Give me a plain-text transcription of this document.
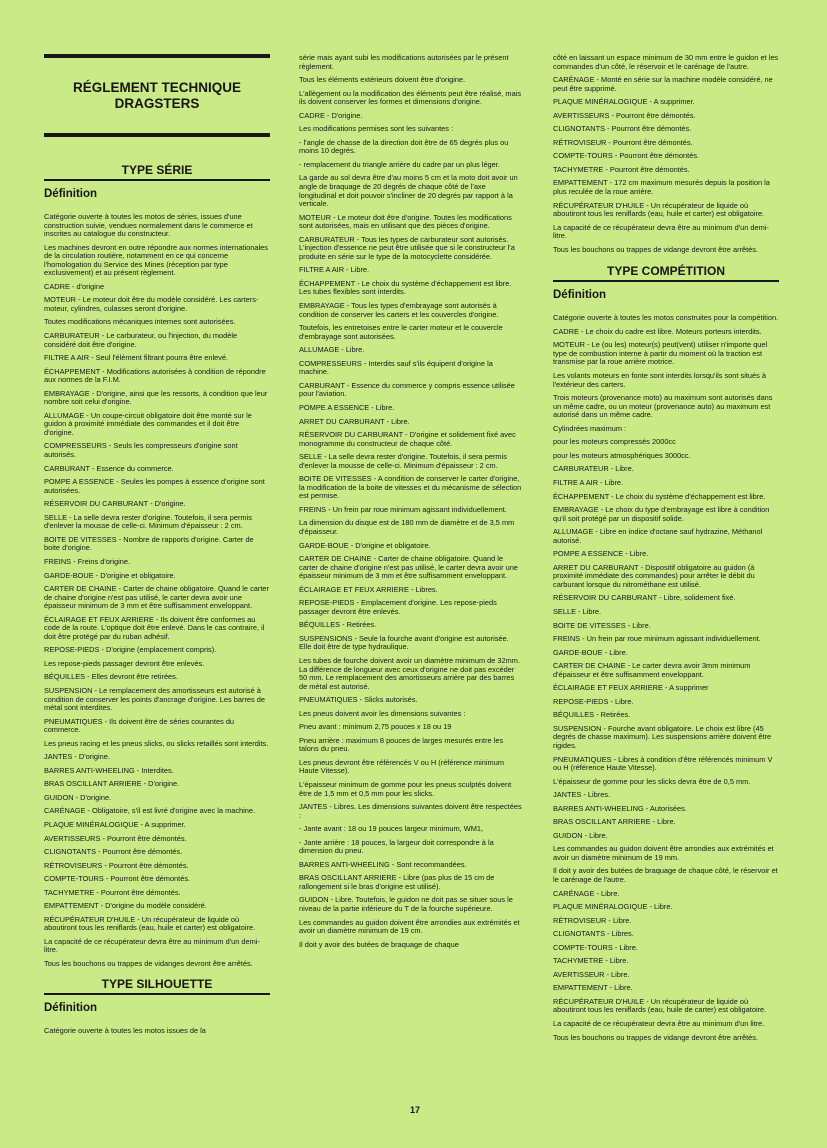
RÉGLEMENT TECHNIQUE
DRAGSTERS
TYPE SÉRIE
Définition
Catégorie ouverte à toutes les motos de séries, issues d'une construction suivie, vendues normalement dans le commerce et inscrites au catalogue du constructeur.
Les machines devront en outre répondre aux normes internationales de la circulation routière, notamment en ce qui concerne l'homologation du Service des Mines (réception par type exclusivement) et au présent règlement.
CADRE - d'origine
MOTEUR - Le moteur doit être du modèle considéré. Les carters-moteur, cylindres, culasses seront d'origine.
Toutes modifications mécaniques internes sont autorisées.
CARBURATEUR - Le carburateur, ou l'injection, du modèle considéré doit être d'origine.
FILTRE A AIR - Seul l'élément filtrant pourra être enlevé.
ÉCHAPPEMENT - Modifications autorisées à condition de répondre aux normes de la F.I.M.
EMBRAYAGE - D'origine, ainsi que les ressorts, à condition que leur nombre soit celui d'origine.
ALLUMAGE - Un coupe-circuit obligatoire doit être monté sur le guidon à proximité immédiate des commandes et il doit être d'origine.
COMPRESSEURS - Seuls les compresseurs d'origine sont autorisés.
CARBURANT - Essence du commerce.
POMPE A ESSENCE - Seules les pompes à essence d'origine sont autorisées.
RÉSERVOIR DU CARBURANT - D'origine.
SELLE - La selle devra rester d'origine. Toutefois, il sera permis d'enlever la mousse de celle-ci. Minimum d'épaisseur : 2 cm.
BOITE DE VITESSES - Nombre de rapports d'origine. Carter de boite d'origine.
FREINS - Freins d'origine.
GARDE-BOUE - D'origine et obligatoire.
CARTER DE CHAINE - Carter de chaine obligatoire. Quand le carter de chaine d'origine n'est pas utilisé, le carter devra avoir une épaisseur minimum de 3 mm et être suffisamment enveloppant.
ÉCLAIRAGE ET FEUX ARRIERE - Ils doivent être conformes au code de la route. L'optique doit être enlevé. Dans le cas contraire, il doit être protégé par du ruban adhésif.
REPOSE-PIEDS - D'origine (emplacement compris).
Les repose-pieds passager devront être enlevés.
BÉQUILLES - Elles devront être retirées.
SUSPENSION - Le remplacement des amortisseurs est autorisé à condition de conserver les points d'ancrage d'origine. Les barres de métal sont interdites.
PNEUMATIQUES - Ils doivent être de séries courantes du commerce.
Les pneus racing et les pneus slicks, ou slicks retaillés sont interdits.
JANTES - D'origine.
BARRES ANTI-WHEELING - Interdites.
BRAS OSCILLANT ARRIERE - D'origine.
GUIDON - D'origine.
CARÉNAGE - Obligatoire, s'il est livré d'origine avec la machine.
PLAQUE MINÉRALOGIQUE - A supprimer.
AVERTISSEURS - Pourront être démontés.
CLIGNOTANTS - Pourront être démontés.
RÉTROVISEURS - Pourront être démontés.
COMPTE-TOURS - Pourront être démontés.
TACHYMETRE - Pourront être démontés.
EMPATTEMENT - D'origine du modèle considéré.
RÉCUPÉRATEUR D'HUILE - Un récupérateur de liquide où aboutiront tous les reniflards (eau, huile et carter) est obligatoire.
La capacité de ce récupérateur devra être au minimum d'un demi-litre.
Tous les bouchons ou trappes de vidanges devront être arrêtés.
TYPE SILHOUETTE
Définition
Catégorie ouverte à toutes les motos issues de la
série mais ayant subi les modifications autorisées par le présent règlement.
Tous les éléments extérieurs doivent être d'origine.
L'allègement ou la modification des éléments peut être réalisé, mais ils doivent conserver les formes et dimensions d'origine.
CADRE - D'origine.
Les modifications permises sont les suivantes :
- l'angle de chasse de la direction doit être de 65 degrés plus ou moins 10 degrés.
- remplacement du triangle arrière du cadre par un plus léger.
La garde au sol devra être d'au moins 5 cm et la moto doit avoir un angle de braquage de 20 degrés de chaque côté de l'axe longitudinal et doit pouvoir s'incliner de 20 degrés par rapport à la verticale.
MOTEUR - Le moteur doit être d'origine. Toutes les modifications sont autorisées, mais en utilisant que des pièces d'origine.
CARBURATEUR - Tous les types de carburateur sont autorisés. L'injection d'essence ne peut être utilisée que si le constructeur l'a produite en série sur le type de la motocyclette considérée.
FILTRE A AIR - Libre.
ÉCHAPPEMENT - Le choix du système d'échappement est libre. Les tubes flexibles sont interdits.
EMBRAYAGE - Tous les types d'embrayage sont autorisés à condition de conserver les carters et les couvercles d'origine.
Toutefois, les entretoises entre le carter moteur et le couvercle d'embrayage sont autorisées.
ALLUMAGE - Libre.
COMPRESSEURS - Interdits sauf s'ils équipent d'origine la machine.
CARBURANT - Essence du commerce y compris essence utilisée pour l'aviation.
POMPE A ESSENCE - Libre.
ARRET DU CARBURANT - Libre.
RÉSERVOIR DU CARBURANT - D'origine et solidement fixé avec monogramme du constructeur de chaque côté.
SELLE - La selle devra rester d'origine. Toutefois, il sera permis d'enlever la mousse de celle-ci. Minimum d'épaisseur : 2 cm.
BOITE DE VITESSES - A condition de conserver le carter d'origine, la modification de la boite de vitesses et du mécanisme de sélection est permise.
FREINS - Un frein par roue minimum agissant individuellement.
La dimension du disque est de 180 mm de diamètre et de 3,5 mm d'épaisseur.
GARDE-BOUE - D'origine et obligatoire.
CARTER DE CHAINE - Carter de chaine obligatoire. Quand le carter de chaine d'origine n'est pas utilisé, le carter devra avoir une épaisseur minimum de 3 mm et être suffisamment enveloppant.
ÉCLAIRAGE ET FEUX ARRIERE - Libres.
REPOSE-PIEDS - Emplacement d'origine. Les repose-pieds passager devront être enlevés.
BÉQUILLES - Retirées.
SUSPENSIONS - Seule la fourche avant d'origine est autorisée. Elle doit être de type hydraulique.
Les tubes de fourche doivent avoir un diamètre minimum de 32mm. La différence de longueur avec ceux d'origine ne doit pas excéder 50 mm. Le remplacement des amortisseurs arrière par des barres de métal est autorisé.
PNEUMATIQUES - Slicks autorisés.
Les pneus doivent avoir les dimensions suivantes :
Pneu avant : minimum 2,75 pouces x 18 ou 19
Pneu arrière : maximum 8 pouces de larges mesurés entre les talons du pneu.
Les pneus devront être référencés V ou H (référence minimum Haute Vitesse).
L'épaisseur minimum de gomme pour les pneus sculptés doivent être de 1,5 mm et 0,5 mm pour les slicks.
JANTES - Libres. Les dimensions suivantes doivent être respectées :
- Jante avant : 18 ou 19 pouces largeur minimum, WM1,
- Jante arrière : 18 pouces, la largeur doit correspondre à la dimension du pneu.
BARRES ANTI-WHEELING - Sont recommandées.
BRAS OSCILLANT ARRIERE - Libre (pas plus de 15 cm de rallongement si le bras d'origine est utilisé).
GUIDON - Libre. Toutefois, le guidon ne doit pas se situer sous le niveau de la partie inférieure du T de la fourche supérieure.
Les commandes au guidon doivent être arrondies aux extrémités et avoir un diamètre minimum de 19 cm.
Il doit y avoir des butées de braquage de chaque
côté en laissant un espace minimum de 30 mm entre le guidon et les commandes d'un côté, le réservoir et le carénage de l'autre.
CARÉNAGE - Monté en série sur la machine modèle considéré, ne peut être supprimé.
PLAQUE MINÉRALOGIQUE - A supprimer.
AVERTISSEURS - Pourront être démontés.
CLIGNOTANTS - Pourront être démontés.
RÉTROVISEUR - Pourront être démontés.
COMPTE-TOURS - Pourront être démontés.
TACHYMETRE - Pourront être démontés.
EMPATTEMENT - 172 cm maximum mesurés depuis la position la plus reculée de la roue arrière.
RÉCUPÉRATEUR D'HUILE - Un récupérateur de liquide où aboutiront tous les reniflards (eau, huile et carter) est obligatoire.
La capacité de ce récupérateur devra être au minimum d'un demi-litre.
Tous les bouchons ou trappes de vidange devront être arrêtés.
TYPE COMPÉTITION
Définition
Catégorie ouverte à toutes les motos construites pour la compétition.
CADRE - Le choix du cadre est libre. Moteurs porteurs interdits.
MOTEUR - Le (ou les) moteur(s) peut(vent) utiliser n'importe quel type de combustion interne à partir du moment où la traction est transmise par la roue arrière motrice.
Les volants moteurs en fonte sont interdits lorsqu'ils sont situés à l'extérieur des carters.
Trois moteurs (provenance moto) au maximum sont autorisés dans un même cadre, ou un moteur (provenance auto) au maximum est autorisé dans un même cadre.
Cylindrées maximum :
pour les moteurs compressés 2000cc
pour les moteurs atmosphériques 3000cc.
CARBURATEUR - Libre.
FILTRE A AIR - Libre.
ÉCHAPPEMENT - Le choix du système d'échappement est libre.
EMBRAYAGE - Le choix du type d'embrayage est libre à condition qu'il soit protégé par un dispositif solide.
ALLUMAGE - Libre en indice d'octane sauf hydrazine, Méthanol autorisé.
POMPE A ESSENCE - Libre.
ARRET DU CARBURANT - Dispositif obligatoire au guidon (à proximité immédiate des commandes) pour arrêter le débit du carburant lorsque du nitrométhane est utilisé.
RÉSERVOIR DU CARBURANT - Libre, solidement fixé.
SELLE - Libre.
BOITE DE VITESSES - Libre.
FREINS - Un frein par roue minimum agissant individuellement.
GARDE-BOUE - Libre.
CARTER DE CHAINE - Le carter devra avoir 3mm minimum d'épaisseur et être suffisamment enveloppant.
ÉCLAIRAGE ET FEUX ARRIERE - A supprimer
REPOSE-PIEDS - Libre.
BÉQUILLES - Retirées.
SUSPENSION - Fourche avant obligatoire. Le choix est libre (45 degrés de chasse maximum). Les suspensions arrière doivent être rigides.
PNEUMATIQUES - Libres à condition d'être référencés minimum V ou H (référence Haute Vitesse).
L'épaisseur de gomme pour les slicks devra être de 0,5 mm.
JANTES - Libres.
BARRES ANTI-WHEELING - Autorisées.
BRAS OSCILLANT ARRIERE - Libre.
GUIDON - Libre.
Les commandes au guidon doivent être arrondies aux extrémités et avoir un diamètre minimum de 19 mm.
Il doit y avoir des butées de braquage de chaque côté, le réservoir et le carénage de l'autre.
CARÉNAGE - Libre.
PLAQUE MINÉRALOGIQUE - Libre.
RÉTROVISEUR - Libre.
CLIGNOTANTS - Libres.
COMPTE-TOURS - Libre.
TACHYMETRE - Libre.
AVERTISSEUR - Libre.
EMPATTEMENT - Libre.
RÉCUPÉRATEUR D'HUILE - Un récupérateur de liquide où aboutiront tous les reniflards (eau, huile de carter) est obligatoire.
La capacité de ce récupérateur devra être au minimum d'un litre.
Tous les bouchons ou trappes de vidange devront être arrêtés.
17
